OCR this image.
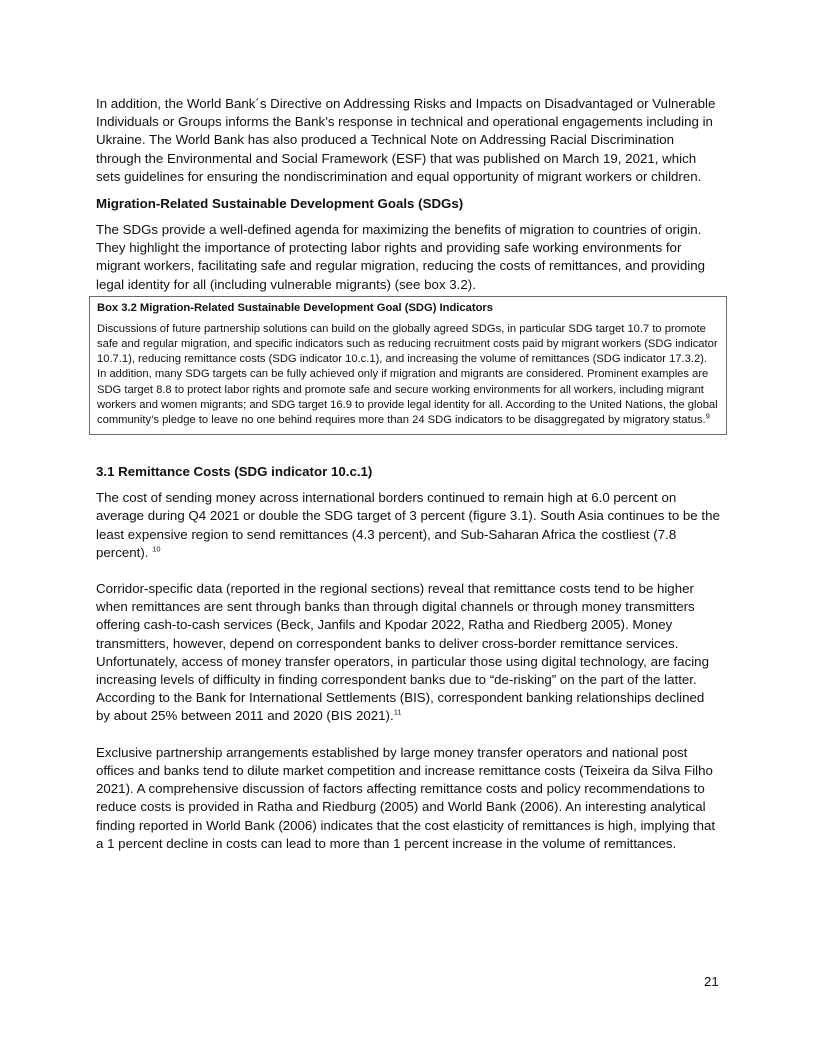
In addition, the World Bank´s Directive on Addressing Risks and Impacts on Disadvantaged or Vulnerable Individuals or Groups informs the Bank’s response in technical and operational engagements including in Ukraine. The World Bank has also produced a Technical Note on Addressing Racial Discrimination through the Environmental and Social Framework (ESF) that was published on March 19, 2021, which sets guidelines for ensuring the nondiscrimination and equal opportunity of migrant workers or children.

Migration-Related Sustainable Development Goals (SDGs)

The SDGs provide a well-defined agenda for maximizing the benefits of migration to countries of origin. They highlight the importance of protecting labor rights and providing safe working environments for migrant workers, facilitating safe and regular migration, reducing the costs of remittances, and providing legal identity for all (including vulnerable migrants) (see box 3.2).

Box 3.2 Migration-Related Sustainable Development Goal (SDG) Indicators
Discussions of future partnership solutions can build on the globally agreed SDGs, in particular SDG target 10.7 to promote safe and regular migration, and specific indicators such as reducing recruitment costs paid by migrant workers (SDG indicator 10.7.1), reducing remittance costs (SDG indicator 10.c.1), and increasing the volume of remittances (SDG indicator 17.3.2). In addition, many SDG targets can be fully achieved only if migration and migrants are considered. Prominent examples are SDG target 8.8 to protect labor rights and promote safe and secure working environments for all workers, including migrant workers and women migrants; and SDG target 16.9 to provide legal identity for all. According to the United Nations, the global community’s pledge to leave no one behind requires more than 24 SDG indicators to be disaggregated by migratory status.$^9$
3.1 Remittance Costs (SDG indicator 10.c.1)

The cost of sending money across international borders continued to remain high at 6.0 percent on average during Q4 2021 or double the SDG target of 3 percent (figure 3.1). South Asia continues to be the least expensive region to send remittances (4.3 percent), and Sub-Saharan Africa the costliest (7.8 percent). $^{10}$

Corridor-specific data (reported in the regional sections) reveal that remittance costs tend to be higher when remittances are sent through banks than through digital channels or through money transmitters offering cash-to-cash services (Beck, Janfils and Kpodar 2022, Ratha and Riedberg 2005). Money transmitters, however, depend on correspondent banks to deliver cross-border remittance services. Unfortunately, access of money transfer operators, in particular those using digital technology, are facing increasing levels of difficulty in finding correspondent banks due to “de-risking” on the part of the latter. According to the Bank for International Settlements (BIS), correspondent banking relationships declined by about 25% between 2011 and 2020 (BIS 2021).$^{11}$

Exclusive partnership arrangements established by large money transfer operators and national post offices and banks tend to dilute market competition and increase remittance costs (Teixeira da Silva Filho 2021). A comprehensive discussion of factors affecting remittance costs and policy recommendations to reduce costs is provided in Ratha and Riedburg (2005) and World Bank (2006). An interesting analytical finding reported in World Bank (2006) indicates that the cost elasticity of remittances is high, implying that a 1 percent decline in costs can lead to more than 1 percent increase in the volume of remittances.

21
